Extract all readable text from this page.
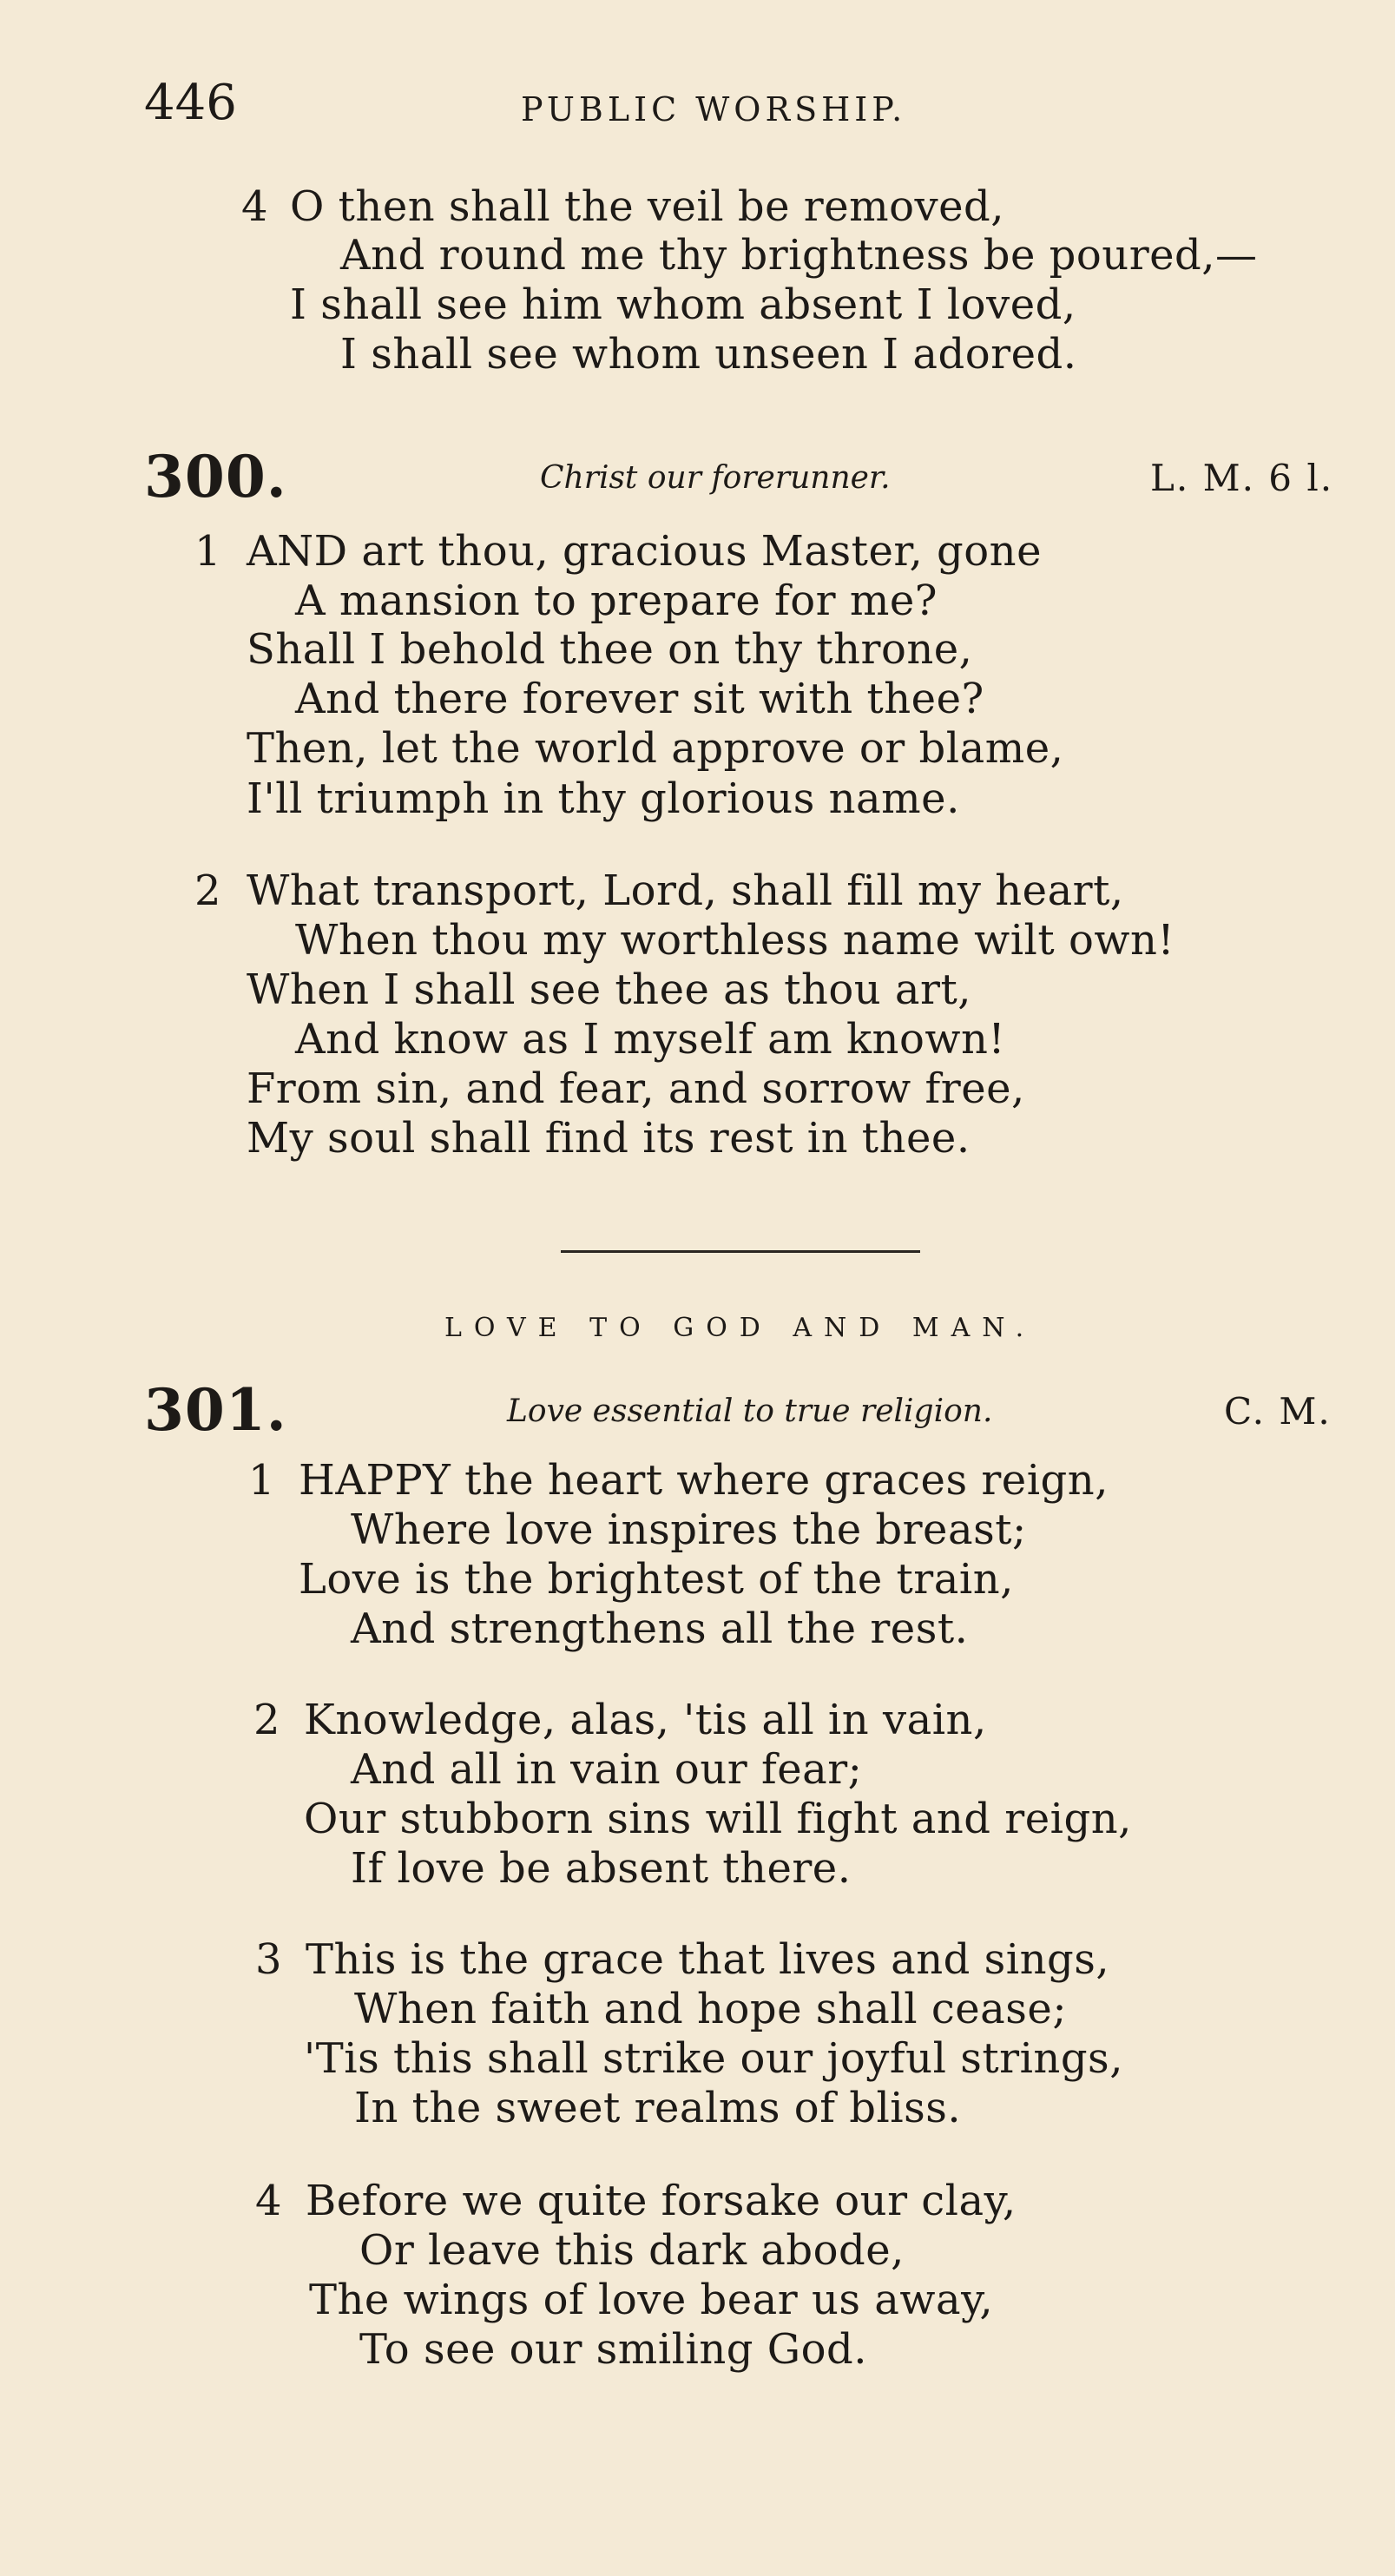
446	PUBLIC WORSHIP.
4 O then shall the veil be removed,
And round me thy brightness be poured,—
I shall see him whom absent I loved,
I shall see whom unseen I adored.
300.	Christ our forerunner.	L. M. 6 l.
1 AND art thou, gracious Master, gone
A mansion to prepare for me?
Shall I behold thee on thy throne,
And there forever sit with thee?
Then, let the world approve or blame,
I'll triumph in thy glorious name.
2 What transport, Lord, shall fill my heart,
When thou my worthless name wilt own!
When I shall see thee as thou art,
And know as I myself am known!
From sin, and fear, and sorrow free,
My soul shall find its rest in thee.
LOVE TO GOD AND MAN.
301.	Love essential to true religion.	C. M.
1 HAPPY the heart where graces reign,
Where love inspires the breast;
Love is the brightest of the train,
And strengthens all the rest.
2 Knowledge, alas, 'tis all in vain,
And all in vain our fear;
Our stubborn sins will fight and reign,
If love be absent there.
3 This is the grace that lives and sings,
When faith and hope shall cease;
'Tis this shall strike our joyful strings,
In the sweet realms of bliss.
4 Before we quite forsake our clay,
Or leave this dark abode,
The wings of love bear us away,
To see our smiling God.
